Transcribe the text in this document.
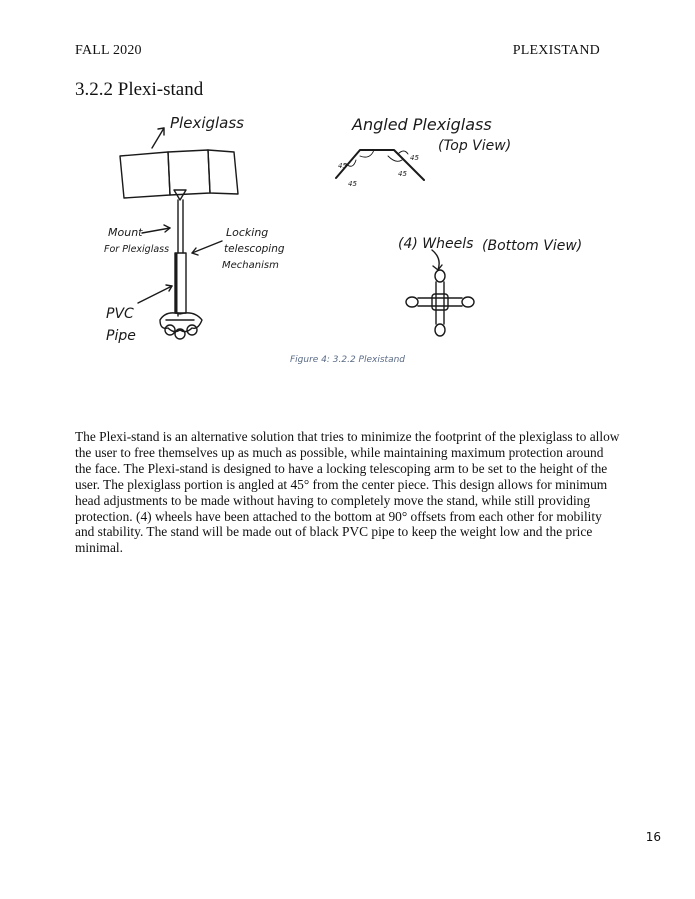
FALL 2020	PLEXISTAND
3.2.2 Plexi-stand
Plexiglass
Mount
For Plexiglass
Locking
telescoping
Mechanism
PVC
Pipe
Angled Plexiglass
(Top View)
45
45
45
45
(4) Wheels (Bottom View)
Figure 4: 3.2.2 Plexistand

The Plexi-stand is an alternative solution that tries to minimize the footprint of the plexiglass to allow the user to free themselves up as much as possible, while maintaining maximum protection around the face. The Plexi-stand is designed to have a locking telescoping arm to be set to the height of the user. The plexiglass portion is angled at 45° from the center piece. This design allows for minimum head adjustments to be made without having to completely move the stand, while still providing protection. (4) wheels have been attached to the bottom at 90° offsets from each other for mobility and stability. The stand will be made out of black PVC pipe to keep the weight low and the price minimal.

16
